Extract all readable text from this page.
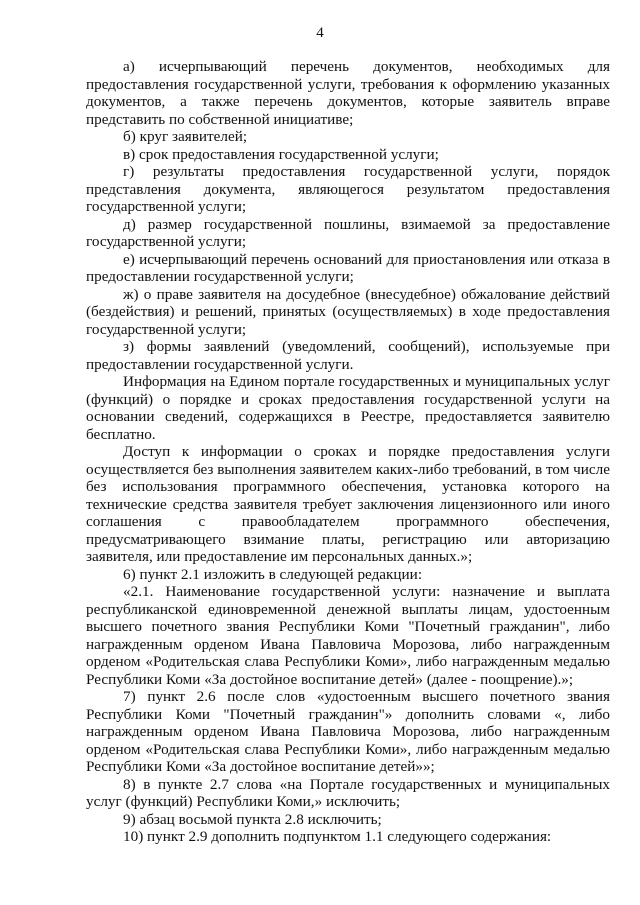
4

а) исчерпывающий перечень документов, необходимых для предоставления государственной услуги, требования к оформлению указанных документов, а также перечень документов, которые заявитель вправе представить по собственной инициативе;

б) круг заявителей;

в) срок предоставления государственной услуги;

г) результаты предоставления государственной услуги, порядок представления документа, являющегося результатом предоставления государственной услуги;

д) размер государственной пошлины, взимаемой за предоставление государственной услуги;

е) исчерпывающий перечень оснований для приостановления или отказа в предоставлении государственной услуги;

ж) о праве заявителя на досудебное (внесудебное) обжалование действий (бездействия) и решений, принятых (осуществляемых) в ходе предоставления государственной услуги;

з) формы заявлений (уведомлений, сообщений), используемые при предоставлении государственной услуги.

Информация на Едином портале государственных и муниципальных услуг (функций) о порядке и сроках предоставления государственной услуги на основании сведений, содержащихся в Реестре, предоставляется заявителю бесплатно.

Доступ к информации о сроках и порядке предоставления услуги осуществляется без выполнения заявителем каких-либо требований, в том числе без использования программного обеспечения, установка которого на технические средства заявителя требует заключения лицензионного или иного соглашения с правообладателем программного обеспечения, предусматривающего взимание платы, регистрацию или авторизацию заявителя, или предоставление им персональных данных.»;

6) пункт 2.1 изложить в следующей редакции:

«2.1. Наименование государственной услуги: назначение и выплата республиканской единовременной денежной выплаты лицам, удостоенным высшего почетного звания Республики Коми "Почетный гражданин", либо награжденным орденом Ивана Павловича Морозова, либо награжденным орденом «Родительская слава Республики Коми», либо награжденным медалью Республики Коми «За достойное воспитание детей» (далее - поощрение).»;

7) пункт 2.6 после слов «удостоенным высшего почетного звания Республики Коми "Почетный гражданин"» дополнить словами «, либо награжденным орденом Ивана Павловича Морозова, либо награжденным орденом «Родительская слава Республики Коми», либо награжденным медалью Республики Коми «За достойное воспитание детей»»;

8) в пункте 2.7 слова «на Портале государственных и муниципальных услуг (функций) Республики Коми,» исключить;

9) абзац восьмой пункта 2.8 исключить;

10) пункт 2.9 дополнить подпунктом 1.1 следующего содержания:
